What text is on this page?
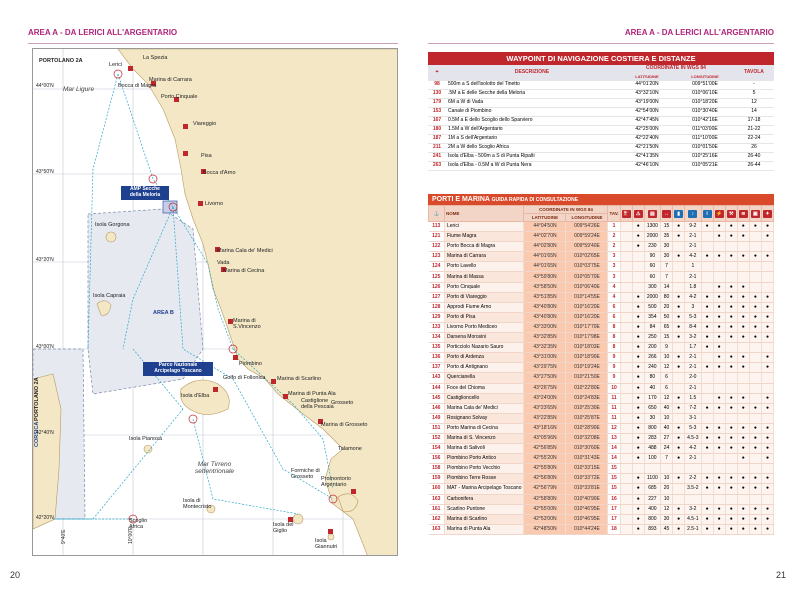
AREA A - DA LERICI ALL'ARGENTARIO	AREA A - DA LERICI ALL'ARGENTARIO
20	21
PORTOLANO 2A
44°00'N Mar Ligure
43°50'N
43°20'N
43°00'N
42°40'N
42°20'N
La Spezia
Lerici
Bocca di Magra
Marina di Carrara
Porto Cinquale
Viareggio
Pisa
Bocca d'Arno
Livorno
AMP Secche
della Meloria
Isola Gorgona
Marina Cala de' Medici
Vada
Marina di Cecina
Isola Capraia
AREA B
Marina di
S.Vincenzo
Parco Nazionale
Arcipelago Toscano
Piombino
Golfo di Follonica
Isola d'Elba
Marina di Scarlino
Marina di Punta Ala
Castiglione
della Pescaia
Marina di Grosseto
Grosseto
Isola Pianosa
Formiche di
Grosseto
Talamone
Mar Tirreno
settentrionale
Promontorio
Argentario
Isola di
Montecristo
Scoglio
Africa	Isola del
Giglio
Isola
Giannutri
CORSICA
PORTOLANO 2A
9°40'E	10°00'E
WAYPOINT DI NAVIGAZIONE COSTIERA E DISTANZE
⌖	DESCRIZIONE	COORDINATE IN WGS 84		TAVOLA
		LATITUDINE	LONGITUDINE	
98	500m a S dell'isolotto del Tinetto	44°01'20N	009°51'00E	-
130	.5M a E delle Secche della Meloria	43°32'10N	010°06'10E	5
179	6M a W di Vada	43°19'00N	010°18'20E	12
153	Canale di Piombino	42°54'00N	010°30'40E	14
167	0.5M a E dello Scoglio dello Sparviero	42°47'45N	010°42'16E	17-18
180	1.5M a W dell'Argentario	42°25'00N	011°03'00E	21-22
187	1M a S dell'Argentario	42°22'40N	011°10'00E	22-24
211	2M a W dello Scoglio Africa	42°21'50N	010°01'50E	26
241	Isola d'Elba - 500m a S di Punta Ripalti	42°41'35N	010°25'16E	26-40
263	Isola d'Elba - 0.5M a W di Punta Nera	42°46'10N	010°05'21E	26-44
PORTI E MARINA GUIDA RAPIDA DI CONSULTAZIONE
⚓	NOME	COORDINATE IN WGS 84		TAV.	⛽	⚠	▤	↔	▮	↕	i	⚡	⚒	≋	▣	✦
		LATITUDINE	LONGITUDINE													
113	Lerici	44°04'50N	009°54'26E	1		●	1300	15	●	9-2	●	●	●	●	●	●
121	Fiume Magra	44°02'70N	009°59'24E	2		●	2000	35	●	2-1		●	●	●		●
122	Porto Bocca di Magra	44°02'80N	009°59'40E	2		●	230	30		2-1						
123	Marina di Carrara	44°01'65N	010°02'65E	3			90	30	●	4-2	●	●	●	●	●	●
124	Porto Lavello	44°01'65N	010°03'75E	3			60	7		1						
125	Marina di Massa	43°59'80N	010°05'70E	3			60	7		2-1						
126	Porto Cinquale	43°58'50N	010°06'40E	4			300	14		1.8		●	●	●		
127	Porto di Viareggio	43°51'85N	010°14'55E	4		●	2000	80	●	4-2	●	●	●	●	●	●
128	Approdi Fiume Arno	43°40'80N	010°16'20E	6		●	500	20	●	3	●	●	●	●	●	●
129	Porto di Pisa	43°40'80N	010°16'20E	6		●	354	50	●	5-3	●	●	●	●	●	●
133	Livorno Porto Mediceo	43°33'00N	010°17'70E	8		●	84	65	●	8-4	●	●	●	●	●	●
134	Darsena Morosini	43°32'85N	010°17'98E	8		●	250	15	●	3-2	●	●	●	●	●	●
135	Porticciolo Nazario Sauro	43°32'35N	010°18'03E	8		●	200	9		1.7	●	●				
136	Porto di Ardenza	43°31'00N	010°18'90E	9		●	266	10	●	2-1		●	●	●		●
137	Porto di Antignano	43°29'75N	010°19'24E	9		●	240	12	●	2-1	●	●	●	●		●
143	Quercianella	43°27'50N	010°21'50E	9		●	80	6		2-0						
144	Foce del Chioma	43°26'75N	010°22'80E	10		●	40	6		2-1						
145	Castiglioncello	43°24'00N	010°24'83E	11		●	170	12	●	1.5		●	●	●		●
146	Marina Cala de' Medici	43°23'65N	010°25'30E	11		●	650	40	●	7-2	●	●	●	●	●	●
149	Rosignano Solvay	43°22'85N	010°25'87E	11		●	30	10		3-1						
151	Porto Marina di Cecina	43°18'16N	010°28'90E	12		●	800	40	●	5-3	●	●	●	●	●	●
152	Marina di S. Vincenzo	43°05'96N	010°32'08E	13		●	283	27	●	4.5-3	●	●	●	●	●	●
154	Marina di Salivoli	42°56'85N	010°30'60E	14		●	488	24	●	4-2	●	●	●	●	●	●
156	Piombino Porto Antico	42°55'20N	010°31'43E	14		●	100	7	●	2-1				●		●
158	Piombino Porto Vecchio	42°55'80N	010°33'15E	15												
159	Piombino Terre Rosse	42°56'80N	010°33'72E	15		●	1100	10	●	2-2	●	●	●	●	●	●
160	MAT - Marina Arcipelago Toscano	42°56'79N	010°33'81E	15		●	685	20		3.5-2	●	●	●	●	●	●
163	Carbonifera	42°58'80N	010°40'90E	16		●	227	10								
161	Scarlino Puntone	42°55'00N	010°46'95E	17		●	400	12	●	3-2	●	●	●	●	●	●
162	Marina di Scarlino	42°53'00N	010°46'95E	17		●	800	30	●	4.5-1	●	●	●	●	●	●
163	Marina di Punta Ala	42°48'50N	010°44'24E	18		●	893	45	●	2.5-1	●	●	●	●	●	●
